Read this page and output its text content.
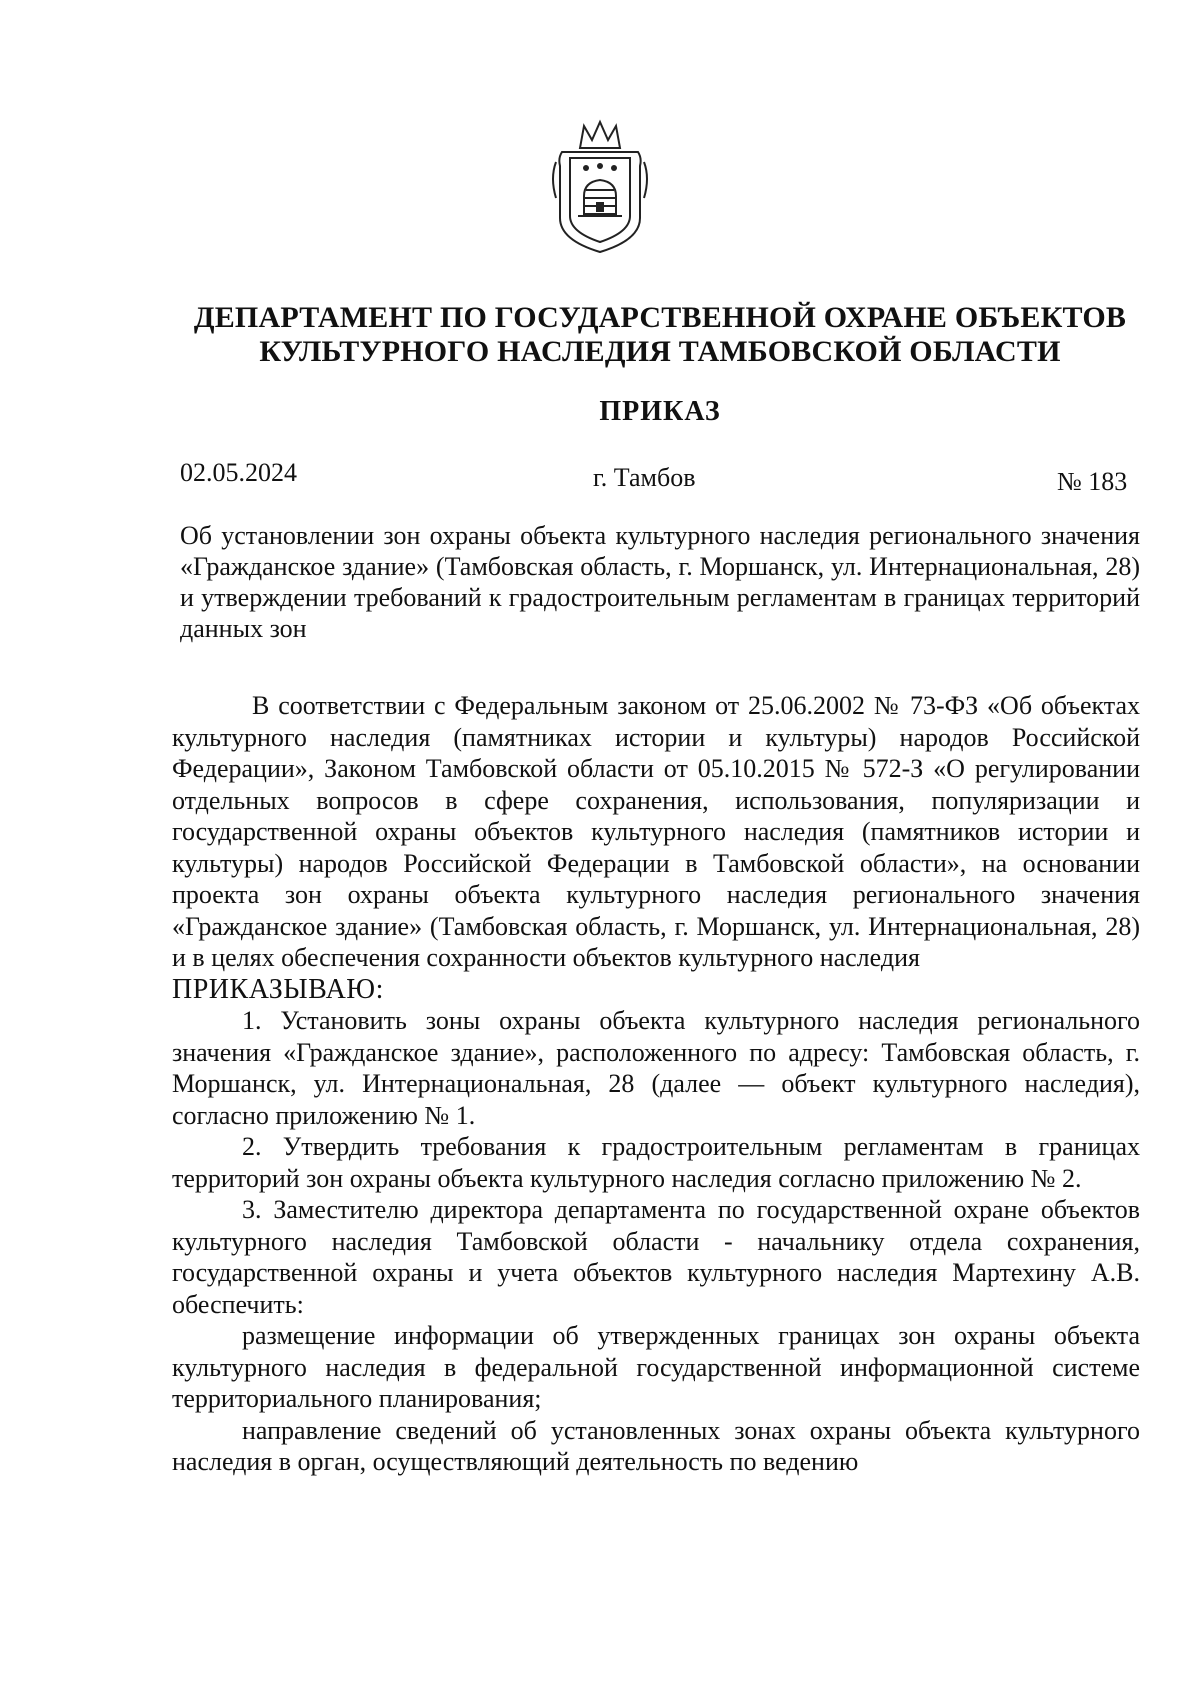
ДЕПАРТАМЕНТ ПО ГОСУДАРСТВЕННОЙ ОХРАНЕ ОБЪЕКТОВ
КУЛЬТУРНОГО НАСЛЕДИЯ ТАМБОВСКОЙ ОБЛАСТИ
ПРИКАЗ
02.05.2024	г. Тамбов	№ 183
Об установлении зон охраны объекта культурного наследия регионального значения «Гражданское здание» (Тамбовская область, г. Моршанск, ул. Интернациональная, 28) и утверждении требований к градостроительным регламентам в границах территорий данных зон

В соответствии с Федеральным законом от 25.06.2002 № 73-ФЗ «Об объектах культурного наследия (памятниках истории и культуры) народов Российской Федерации», Законом Тамбовской области от 05.10.2015 № 572-З «О регулировании отдельных вопросов в сфере сохранения, использования, популяризации и государственной охраны объектов культурного наследия (памятников истории и культуры) народов Российской Федерации в Тамбовской области», на основании проекта зон охраны объекта культурного наследия регионального значения «Гражданское здание» (Тамбовская область, г. Моршанск, ул. Интернациональная, 28) и в целях обеспечения сохранности объектов культурного наследия

ПРИКАЗЫВАЮ:

1. Установить зоны охраны объекта культурного наследия регионального значения «Гражданское здание», расположенного по адресу: Тамбовская область, г. Моршанск, ул. Интернациональная, 28 (далее — объект культурного наследия), согласно приложению № 1.

2. Утвердить требования к градостроительным регламентам в границах территорий зон охраны объекта культурного наследия согласно приложению № 2.

3. Заместителю директора департамента по государственной охране объектов культурного наследия Тамбовской области - начальнику отдела сохранения, государственной охраны и учета объектов культурного наследия Мартехину А.В. обеспечить:

размещение информации об утвержденных границах зон охраны объекта культурного наследия в федеральной государственной информационной системе территориального планирования;

направление сведений об установленных зонах охраны объекта культурного наследия в орган, осуществляющий деятельность по ведению
